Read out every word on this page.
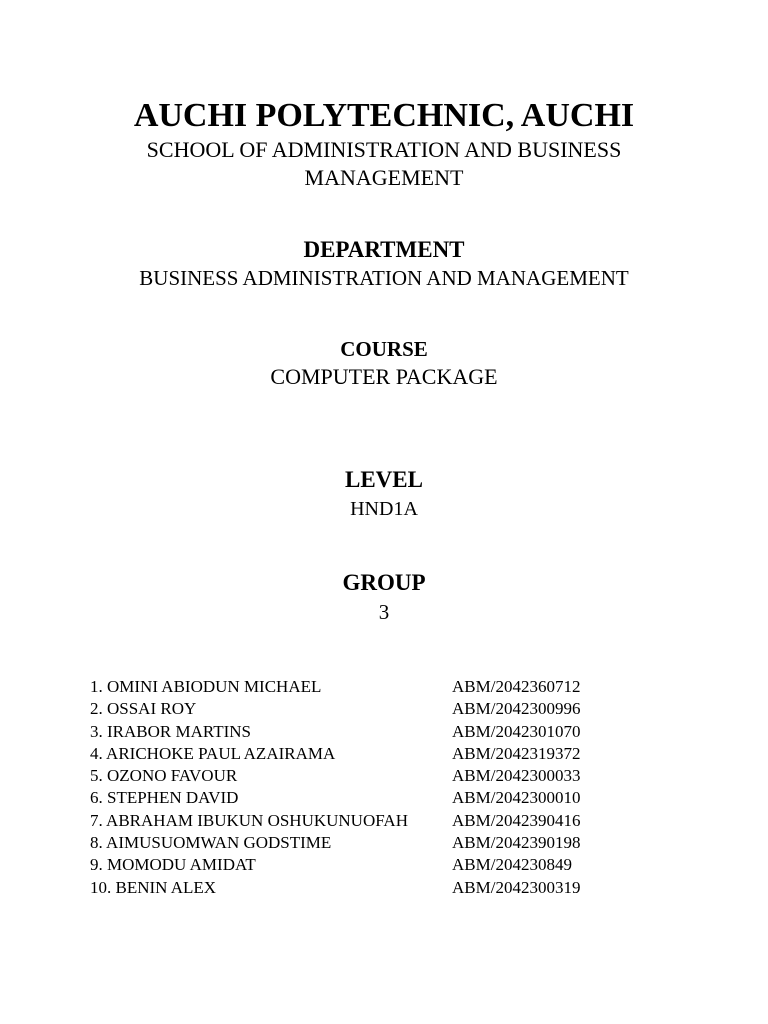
AUCHI POLYTECHNIC, AUCHI
SCHOOL OF ADMINISTRATION AND BUSINESS
MANAGEMENT
DEPARTMENT
BUSINESS ADMINISTRATION AND MANAGEMENT
COURSE
COMPUTER PACKAGE
LEVEL
HND1A
GROUP
3
1. OMINI ABIODUN MICHAEL	ABM/2042360712
2. OSSAI ROY	ABM/2042300996
3. IRABOR MARTINS	ABM/2042301070
4. ARICHOKE PAUL AZAIRAMA	ABM/2042319372
5. OZONO FAVOUR	ABM/2042300033
6. STEPHEN DAVID	ABM/2042300010
7. ABRAHAM IBUKUN OSHUKUNUOFAH	ABM/2042390416
8. AIMUSUOMWAN GODSTIME	ABM/2042390198
9. MOMODU AMIDAT	ABM/204230849
10. BENIN ALEX	ABM/2042300319
